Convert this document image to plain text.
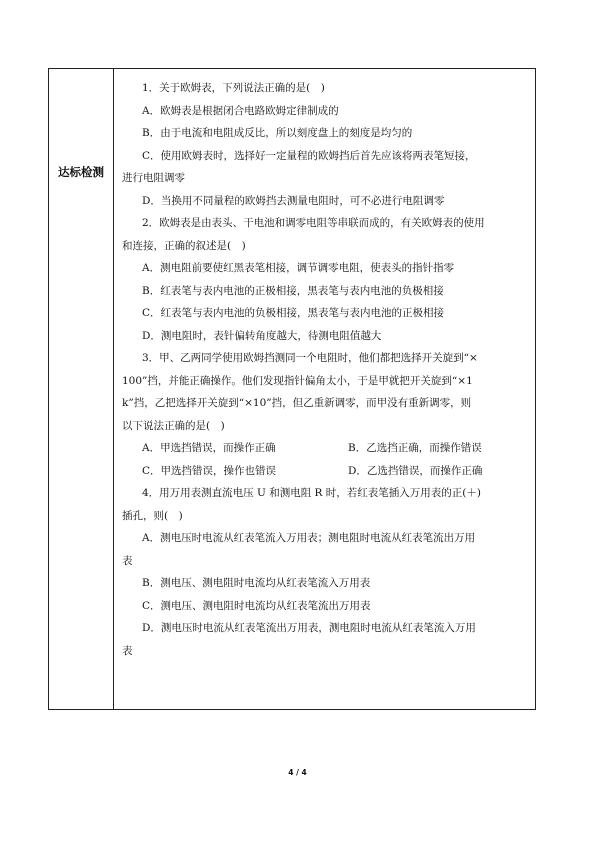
达标检测

1．关于欧姆表，下列说法正确的是(　)

A．欧姆表是根据闭合电路欧姆定律制成的

B．由于电流和电阻成反比，所以刻度盘上的刻度是均匀的

C．使用欧姆表时，选择好一定量程的欧姆挡后首先应该将两表笔短接，

进行电阻调零

D．当换用不同量程的欧姆挡去测量电阻时，可不必进行电阻调零

2．欧姆表是由表头、干电池和调零电阻等串联而成的，有关欧姆表的使用

和连接，正确的叙述是(　)

A．测电阻前要使红黑表笔相接，调节调零电阻，使表头的指针指零

B．红表笔与表内电池的正极相接，黑表笔与表内电池的负极相接

C．红表笔与表内电池的负极相接，黑表笔与表内电池的正极相接

D．测电阻时，表针偏转角度越大，待测电阻值越大

3．甲、乙两同学使用欧姆挡测同一个电阻时，他们都把选择开关旋到“×

100”挡，并能正确操作。他们发现指针偏角太小，于是甲就把开关旋到“×1

k”挡，乙把选择开关旋到“×10”挡，但乙重新调零，而甲没有重新调零，则

以下说法正确的是(　)

A．甲选挡错误，而操作正确	B．乙选挡正确，而操作错误
C．甲选挡错误，操作也错误	D．乙选挡错误，而操作正确

4．用万用表测直流电压 U 和测电阻 R 时，若红表笔插入万用表的正(＋)

插孔，则(　)

A．测电压时电流从红表笔流入万用表；测电阻时电流从红表笔流出万用

表

B．测电压、测电阻时电流均从红表笔流入万用表

C．测电压、测电阻时电流均从红表笔流出万用表

D．测电压时电流从红表笔流出万用表，测电阻时电流从红表笔流入万用

表

4 / 4
